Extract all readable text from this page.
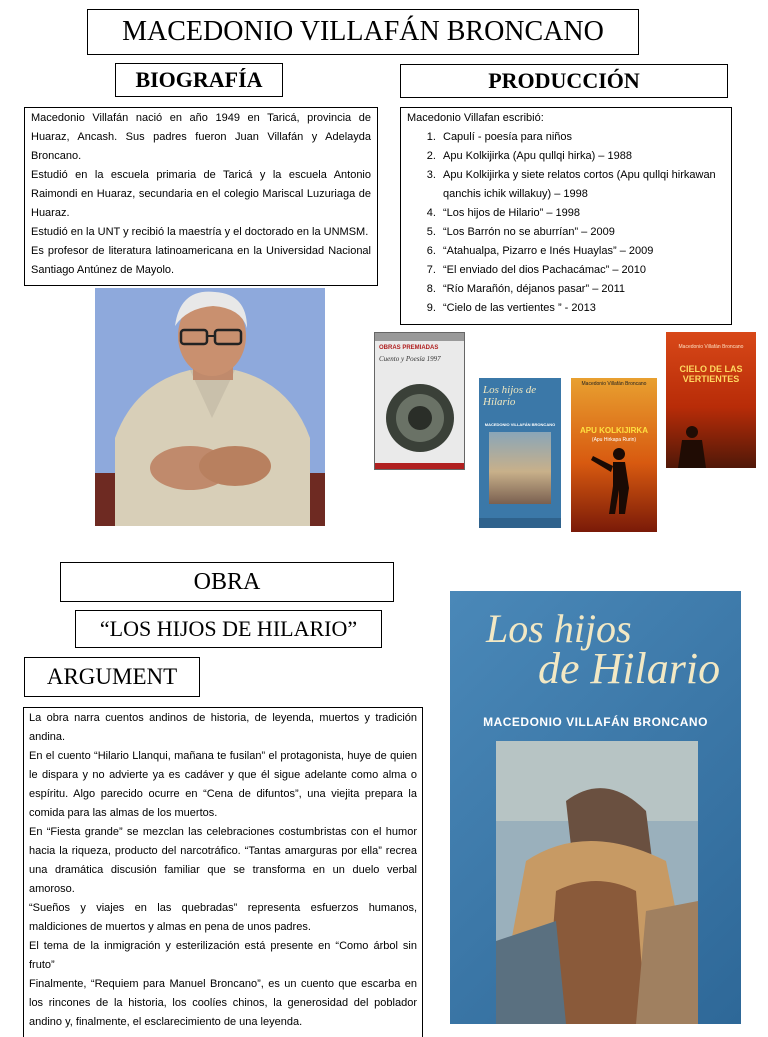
MACEDONIO VILLAFÁN BRONCANO
BIOGRAFÍA	PRODUCCIÓN

Macedonio Villafán nació en año 1949 en Taricá, provincia de Huaraz, Ancash. Sus padres fueron Juan Villafán y Adelayda Broncano.

Estudió en la escuela primaria de Taricá y la escuela Antonio Raimondi en Huaraz, secundaria en el colegio Mariscal Luzuriaga de Huaraz.

Estudió en la UNT y recibió la maestría y el doctorado en la UNMSM.

Es profesor de literatura latinoamericana en la Universidad Nacional Santiago Antúnez de Mayolo.

Macedonio Villafan escribió:
1. Capulí - poesía para niños
2. Apu Kolkijirka (Apu qullqi hirka) – 1988
3. Apu Kolkijirka y siete relatos cortos (Apu qullqi hirkawan qanchis ichik willakuy) – 1998
4. “Los hijos de Hilario” – 1998
5. “Los Barrón no se aburrían” – 2009
6. “Atahualpa, Pizarro e Inés Huaylas” – 2009
7. “El enviado del dios Pachacámac” – 2010
8. “Río Marañón, déjanos pasar” – 2011
9. “Cielo de las vertientes ” - 2013
OBRAS PREMIADAS
Cuento y Poesía 1997
Los hijos de Hilario
MACEDONIO VILLAFÁN BRONCANO
Macedonio Villafán Broncano
APU KOLKIJIRKA
(Apu Hirkapa Rurin)
Macedonio Villafán Broncano
CIELO DE LAS VERTIENTES
OBRA
“LOS HIJOS DE HILARIO”
ARGUMENT

La obra narra cuentos andinos de historia, de leyenda, muertos y tradición andina.

En el cuento “Hilario Llanqui, mañana te fusilan” el protagonista, huye de quien le dispara y no advierte ya es cadáver y que él sigue adelante como alma o espíritu. Algo parecido ocurre en “Cena de difuntos”, una viejita prepara la comida para las almas de los muertos.

En “Fiesta grande” se mezclan las celebraciones costumbristas con el humor hacia la riqueza, producto del narcotráfico. “Tantas amarguras por ella” recrea una dramática discusión familiar que se transforma en un duelo verbal amoroso.

“Sueños y viajes en las quebradas” representa esfuerzos humanos, maldiciones de muertos y almas en pena de unos padres.

El tema de la inmigración y esterilización está presente en “Como árbol sin fruto”

Finalmente, “Requiem para Manuel Broncano”, es un cuento que escarba en los rincones de la historia, los coolíes chinos, la generosidad del poblador andino y, finalmente, el esclarecimiento de una leyenda.

Los hijos
de Hilario
MACEDONIO VILLAFÁN BRONCANO
